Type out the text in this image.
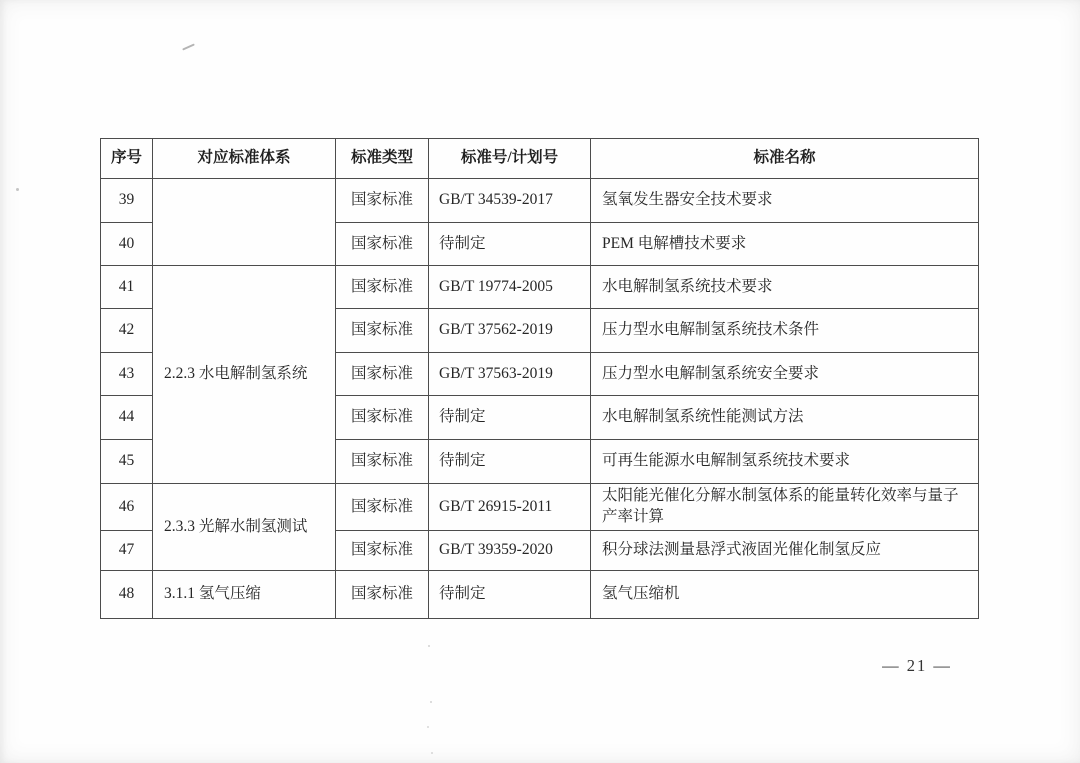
序号	对应标准体系	标准类型	标准号/计划号	标准名称
39		国家标准	GB/T 34539-2017	氢氧发生器安全技术要求
40		国家标准	待制定	PEM 电解槽技术要求
41	2.2.3 水电解制氢系统	国家标准	GB/T 19774-2005	水电解制氢系统技术要求
42		国家标准	GB/T 37562-2019	压力型水电解制氢系统技术条件
43		国家标准	GB/T 37563-2019	压力型水电解制氢系统安全要求
44		国家标准	待制定	水电解制氢系统性能测试方法
45		国家标准	待制定	可再生能源水电解制氢系统技术要求
46	2.3.3 光解水制氢测试	国家标准	GB/T 26915-2011	太阳能光催化分解水制氢体系的能量转化效率与量子产率计算
47		国家标准	GB/T 39359-2020	积分球法测量悬浮式液固光催化制氢反应
48	3.1.1 氢气压缩	国家标准	待制定	氢气压缩机
— 21 —
